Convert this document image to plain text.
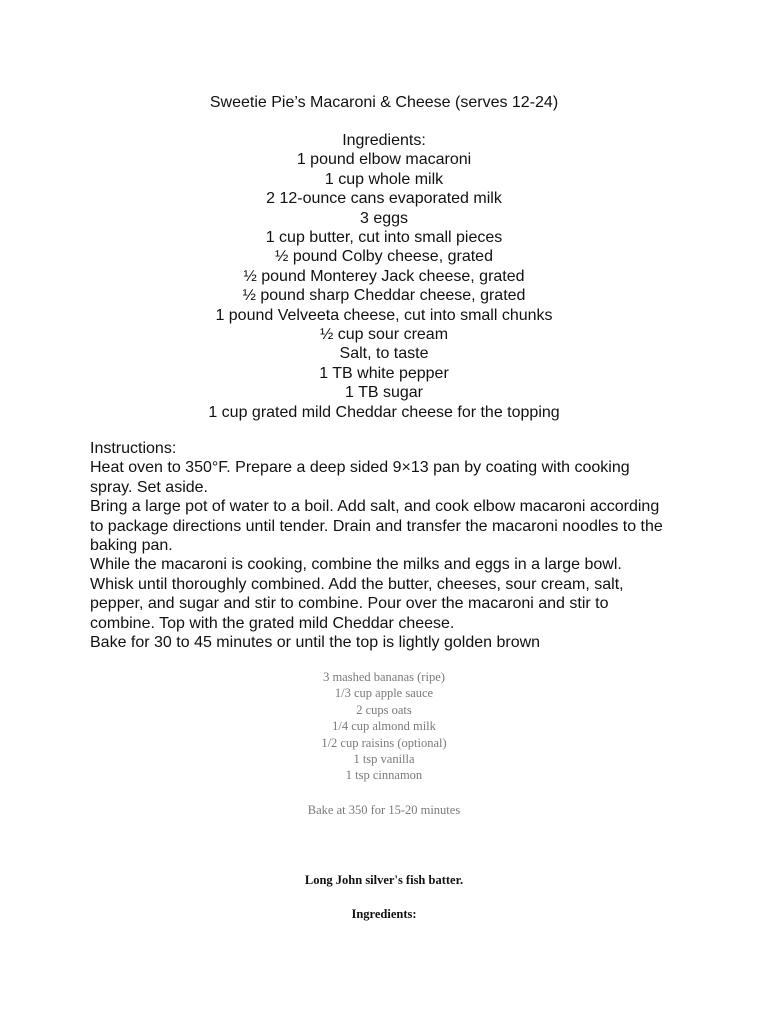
Sweetie Pie’s Macaroni & Cheese (serves 12-24)
Ingredients:
1 pound elbow macaroni
1 cup whole milk
2 12-ounce cans evaporated milk
3 eggs
1 cup butter, cut into small pieces
½ pound Colby cheese, grated
½ pound Monterey Jack cheese, grated
½ pound sharp Cheddar cheese, grated
1 pound Velveeta cheese, cut into small chunks
½ cup sour cream
Salt, to taste
1 TB white pepper
1 TB sugar
1 cup grated mild Cheddar cheese for the topping
Instructions:
Heat oven to 350°F. Prepare a deep sided 9×13 pan by coating with cooking
spray. Set aside.
Bring a large pot of water to a boil. Add salt, and cook elbow macaroni according
to package directions until tender. Drain and transfer the macaroni noodles to the
baking pan.
While the macaroni is cooking, combine the milks and eggs in a large bowl.
Whisk until thoroughly combined. Add the butter, cheeses, sour cream, salt,
pepper, and sugar and stir to combine. Pour over the macaroni and stir to
combine. Top with the grated mild Cheddar cheese.
Bake for 30 to 45 minutes or until the top is lightly golden brown
3 mashed bananas (ripe)
1/3 cup apple sauce
2 cups oats
1/4 cup almond milk
1/2 cup raisins (optional)
1 tsp vanilla
1 tsp cinnamon
Bake at 350 for 15-20 minutes
Long John silver's fish batter.
Ingredients:
